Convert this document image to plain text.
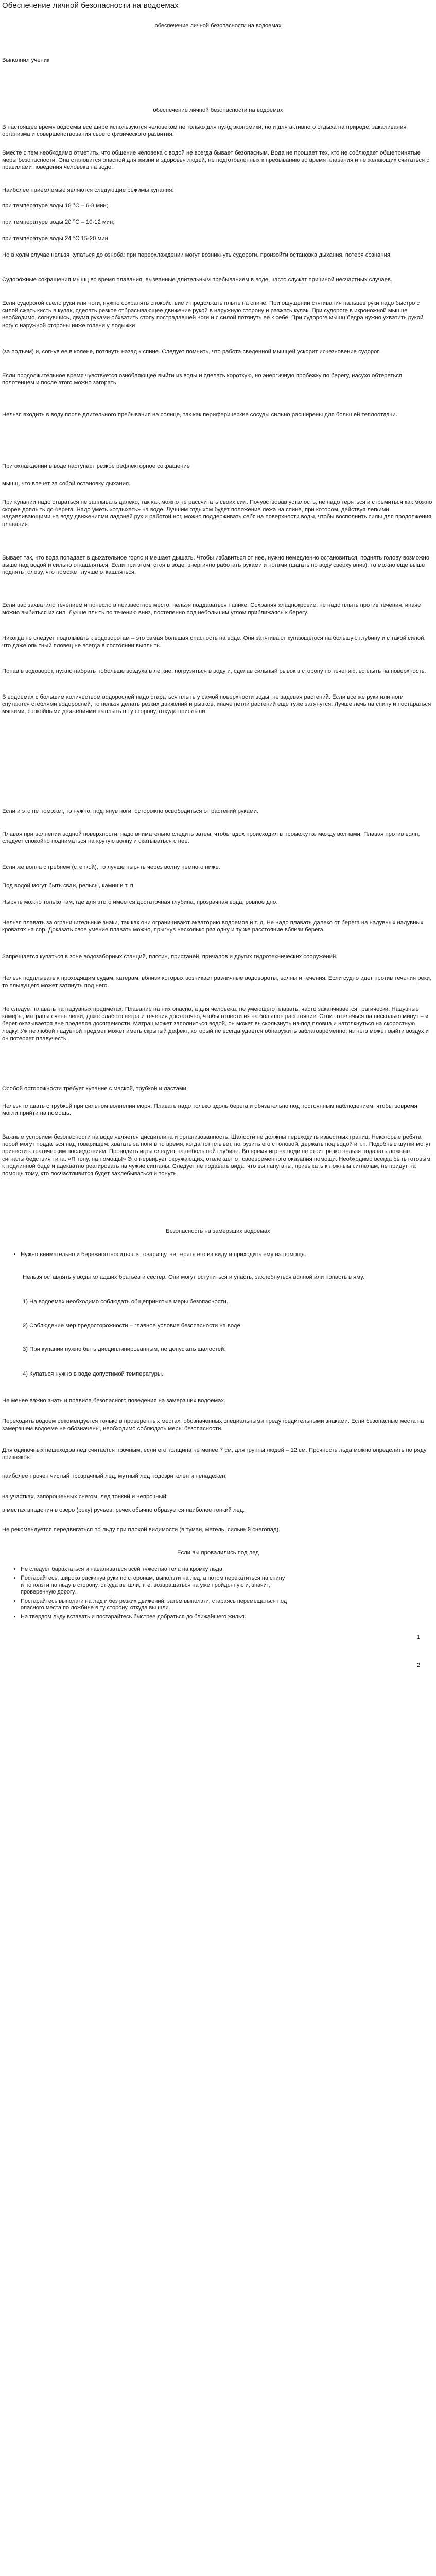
Обеспечение личной безопасности на водоемах
обеспечение личной безопасности на водоемах

Выполнил ученик

обеспечение личной безопасности на водоемах

В настоящее время водоемы все шире используются человеком не только для нужд экономики, но и для активного отдыха на природе, закаливания организма и совершенствования своего физического развития.

Вместе с тем необходимо отметить, что общение человека с водой не всегда бывает безопасным. Вода не прощает тех, кто не соблюдает общепринятые меры безопасности. Она становится опасной для жизни и здоровья людей, не подготовленных к пребыванию во время плавания и не желающих считаться с правилами поведения человека на воде.

Наиболее приемлемые являются следующие режимы купания:

при температуре воды 18 °C – 6-8 мин;

при температуре воды 20 °C – 10-12 мин;

при температуре воды 24 °C 15-20 мин.

Но в холм случае нельзя купаться до озноба: при переохлаждении могут возникнуть судороги, произойти остановка дыхания, потеря сознания.

Судорожные сокращения мышц во время плавания, вызванные длительным пребыванием в воде, часто служат причиной несчастных случаев.

Если судорогой свело руки или ноги, нужно сохранять спокойствие и продолжать плыть на спине. При ощущении стягивания пальцев руки надо быстро с силой сжать кисть в кулак, сделать резкое отбрасывающее движение рукой в наружную сторону и разжать кулак. При судороге в икроножной мышце необходимо, согнувшись, двумя руками обхватить стопу пострадавшей ноги и с силой потянуть ее к себе. При судороге мышц бедра нужно ухватить рукой ногу с наружной стороны ниже голени у лодыжки

(за подъем) и, согнув ее в колене, потянуть назад к спине. Следует помнить, что работа сведенной мышцей ускорит исчезновение судорог.

Если продолжительное время чувствуется ознобляющее выйти из воды и сделать короткую, но энергичную пробежку по берегу, насухо обтереться полотенцем и после этого можно загорать.

Нельзя входить в воду после длительного пребывания на солнце, так как периферические сосуды сильно расширены для большей теплоотдачи.

При охлаждении в воде наступает резкое рефлекторное сокращение

мышц, что влечет за собой остановку дыхания.

При купании надо стараться не заплывать далеко, так как можно не рассчитать своих сил. Почувствовав усталость, не надо теряться и стремиться как можно скорее доплыть до берега. Надо уметь «отдыхать» на воде. Лучшим отдыхом будет положение лежа на спине, при котором, действуя легкими надавливающими на воду движениями ладоней рук и работой ног, можно поддерживать себя на поверхности воды, чтобы восполнить силы для продолжения плавания.

Бывает так, что вода попадает в дыхательное горло и мешает дышать. Чтобы избавиться от нее, нужно немедленно остановиться, поднять голову возможно выше над водой и сильно откашляться. Если при этом, стоя в воде, энергично работать руками и ногами (шагать по воду сверху вниз), то можно еще выше поднять голову, что поможет лучше откашляться.

Если вас захватило течением и понесло в неизвестное место, нельзя поддаваться панике. Сохраняя хладнокровие, не надо плыть против течения, иначе можно выбиться из сил. Лучше плыть по течению вниз, постепенно под небольшим углом приближаясь к берегу.

Никогда не следует подплывать к водоворотам – это самая большая опасность на воде. Они затягивают купающегося на большую глубину и с такой силой, что даже опытный пловец не всегда в состоянии выплыть.

Попав в водоворот, нужно набрать побольше воздуха в легкие, погрузиться в воду и, сделав сильный рывок в сторону по течению, всплыть на поверхность.

В водоемах с большим количеством водорослей надо стараться плыть у самой поверхности воды, не задевая растений. Если все же руки или ноги спутаются стеблями водорослей, то нельзя делать резких движений и рывков, иначе петли растений еще туже затянутся. Лучше лечь на спину и постараться мягкими, спокойными движениями выплыть в ту сторону, откуда приплыли.

Если и это не поможет, то нужно, подтянув ноги, осторожно освободиться от растений руками.

Плавая при волнении водной поверхности, надо внимательно следить затем, чтобы вдох происходил в промежутке между волнами. Плавая против волн, следует спокойно подниматься на крутую волну и скатываться с нее.

Если же волна с гребнем (степкой), то лучше нырять через волну немного ниже.

Под водой могут быть сваи, рельсы, камни и т. п.

Нырять можно только там, где для этого имеется достаточная глубина, прозрачная вода, ровное дно.

Нельзя плавать за ограничительные знаки, так как они ограничивают акваторию водоемов и т. д. Не надо плавать далеко от берега на надувных надувных кроватях на сор. Доказать свое умение плавать можно, прыгнув несколько раз одну и ту же расстояние вблизи берега.

Запрещается купаться в зоне водозаборных станций, плотин, пристаней, причалов и других гидротехнических сооружений.

Нельзя подплывать к проходящим судам, катерам, вблизи которых возникает различные водовороты, волны и течения. Если судно идет против течения реки, то плывущего может затянуть под него.

Не следует плавать на надувных предметах. Плавание на них опасно, а для человека, не умеющего плавать, часто заканчивается трагически. Надувные камеры, матрацы очень легки, даже слабого ветра и течения достаточно, чтобы отнести их на большое расстояние. Стоит отвлечься на несколько минут – и берег оказывается вне пределов досягаемости. Матрац может заполниться водой, он может выскользнуть из-под пловца и натолкнуться на скоростную лодку. Уж не любой надувной предмет может иметь скрытый дефект, который не всегда удается обнаружить заблаговременно; из него может выйти воздух и он потеряет плавучесть.

Особой осторожности требует купание с маской, трубкой и ластами.

Нельзя плавать с трубкой при сильном волнении моря. Плавать надо только вдоль берега и обязательно под постоянным наблюдением, чтобы вовремя могли прийти на помощь.

Важным условием безопасности на воде является дисциплина и организованность. Шалости не должны переходить известных границ. Некоторые ребята порой могут поддаться над товарищем: хватать за ноги в то время, когда тот плывет, погрузить его с головой, держать под водой и т.п. Подобные шутки могут привести к трагическим последствиям. Проводить игры следует на небольшой глубине. Во время игр на воде не стоит резко нельзя подавать ложные сигналы бедствия типа: «Я тону, на помощь!» Это нервирует окружающих, отвлекает от своевременного оказания помощи. Необходимо всегда быть готовым к подлинной беде и адекватно реагировать на чужие сигналы. Следует не подавать вида, что вы напуганы, привыкать к ложным сигналам, не придут на помощь тому, кто посчастливится будет захлебываться и тонуть.

Безопасность на замерзших водоемах

• Нужно внимательно и бережноотноситься к товарищу, не терять его из виду и приходить ему на помощь.

Нельзя оставлять у воды младших братьев и сестер. Они могут оступиться и упасть, захлебнуться волной или попасть в яму.

1) На водоемах необходимо соблюдать общепринятые меры безопасности.

2) Соблюдение мер предосторожности – главное условие безопасности на воде.

3) При купании нужно быть дисциплинированным, не допускать шалостей.

4) Купаться нужно в воде допустимой температуры.

Не менее важно знать и правила безопасного поведения на замерзших водоемах.

Переходить водоем рекомендуется только в проверенных местах, обозначенных специальными предупредительными знаками. Если безопасные места на замерзшем водоеме не обозначены, необходимо соблюдать меры безопасности.

Для одиночных пешеходов лед считается прочным, если его толщина не менее 7 см, для группы людей – 12 см. Прочность льда можно определить по ряду признаков:

наиболее прочен чистый прозрачный лед, мутный лед подозрителен и ненадежен;

на участках, запорошенных снегом, лед тонкий и непрочный;

в местах впадения в озеро (реку) ручьев, речек обычно образуется наиболее тонкий лед.

Не рекомендуется передвигаться по льду при плохой видимости (в туман, метель, сильный снегопад).

Если вы провалились под лед

• Не следует барахтаться и наваливаться всей тяжестью тела на кромку льда.
• Постарайтесь, широко раскинув руки по сторонам, выползти на лед, а потом перекатиться на спину и поползти по льду в сторону, откуда вы шли, т. е. возвращаться на уже пройденную и, значит, проверенную дорогу.
• Постарайтесь выползти на лед и без резких движений, затем выползти, стараясь перемещаться под опасного места по ложбине в ту сторону, откуда вы шли.
• На твердом льду вставать и постарайтесь быстрее добраться до ближайшего жилья.
1
2
